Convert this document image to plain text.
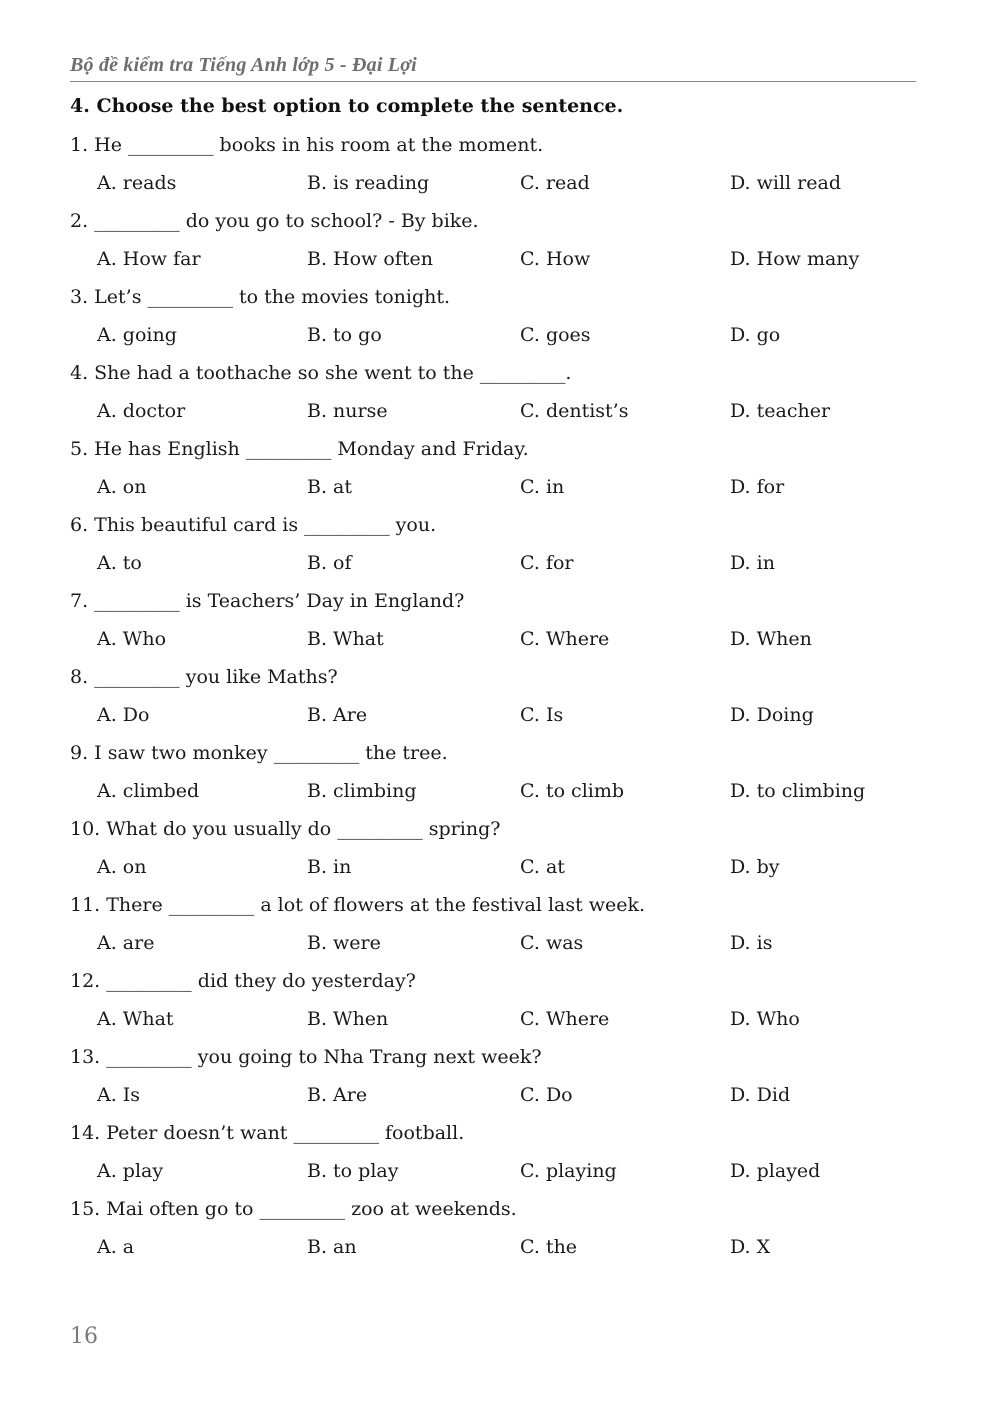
Bộ đề kiểm tra Tiếng Anh lớp 5 - Đại Lợi
4. Choose the best option to complete the sentence.
1. He _________ books in his room at the moment.
A. reads	B. is reading	C. read	D. will read
2. _________ do you go to school? - By bike.
A. How far	B. How often	C. How	D. How many
3. Let’s _________ to the movies tonight.
A. going	B. to go	C. goes	D. go
4. She had a toothache so she went to the _________.
A. doctor	B. nurse	C. dentist’s	D. teacher
5. He has English _________ Monday and Friday.
A. on	B. at	C. in	D. for
6. This beautiful card is _________ you.
A. to	B. of	C. for	D. in
7. _________ is Teachers’ Day in England?
A. Who	B. What	C. Where	D. When
8. _________ you like Maths?
A. Do	B. Are	C. Is	D. Doing
9. I saw two monkey _________ the tree.
A. climbed	B. climbing	C. to climb	D. to climbing
10. What do you usually do _________ spring?
A. on	B. in	C. at	D. by
11. There _________ a lot of flowers at the festival last week.
A. are	B. were	C. was	D. is
12. _________ did they do yesterday?
A. What	B. When	C. Where	D. Who
13. _________ you going to Nha Trang next week?
A. Is	B. Are	C. Do	D. Did
14. Peter doesn’t want _________ football.
A. play	B. to play	C. playing	D. played
15. Mai often go to _________ zoo at weekends.
A. a	B. an	C. the	D. X
16
